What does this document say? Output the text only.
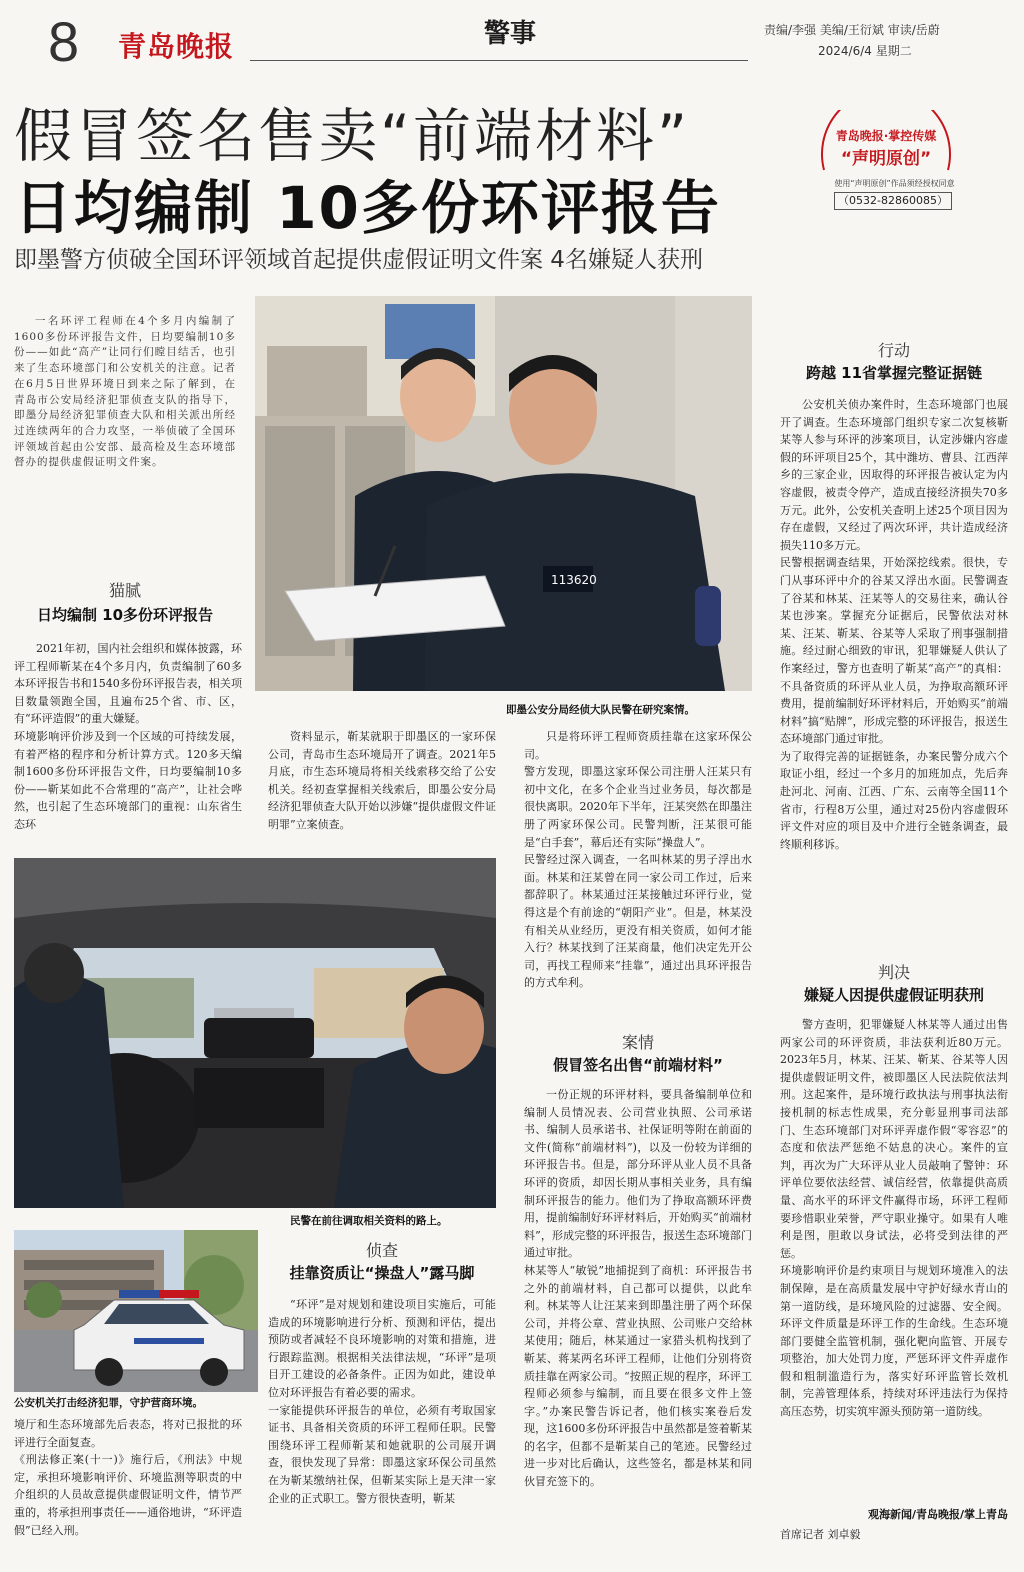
8 青岛晚报	警事	责编/李强 美编/王衍斌 审读/岳蔚
2024/6/4 星期二
假冒签名售卖“前端材料”
日均编制 10多份环评报告
即墨警方侦破全国环评领域首起提供虚假证明文件案 4名嫌疑人获刑
青岛晚报·掌控传媒
“声明原创”
使用“声明原创”作品须经授权同意
（0532-82860085）
一名环评工程师在4个多月内编制了1600多份环评报告文件，日均要编制10多份——如此“高产”让同行们瞠目结舌，也引来了生态环境部门和公安机关的注意。记者在6月5日世界环境日到来之际了解到，在青岛市公安局经济犯罪侦查支队的指导下，即墨分局经济犯罪侦查大队和相关派出所经过连续两年的合力攻坚，一举侦破了全国环评领域首起由公安部、最高检及生态环境部督办的提供虚假证明文件案。
猫腻
日均编制 10多份环评报告
2021年初，国内社会组织和媒体披露，环评工程师靳某在4个多月内，负责编制了60多本环评报告书和1540多份环评报告表，相关项目数量领跑全国，且遍布25个省、市、区，有“环评造假”的重大嫌疑。
环境影响评价涉及到一个区域的可持续发展，有着严格的程序和分析计算方式。120多天编制1600多份环评报告文件，日均要编制10多份——靳某如此不合常理的“高产”，让社会哗然，也引起了生态环境部门的重视：山东省生态环
113620
即墨公安分局经侦大队民警在研究案情。
资料显示，靳某就职于即墨区的一家环保公司，青岛市生态环境局开了调查。2021年5月底，市生态环境局将相关线索移交给了公安机关。经初查掌握相关线索后，即墨公安分局经济犯罪侦查大队开始以涉嫌“提供虚假文件证明罪”立案侦查。
只是将环评工程师资质挂靠在这家环保公司。
警方发现，即墨这家环保公司注册人汪某只有初中文化，在多个企业当过业务员，每次都是很快离职。2020年下半年，汪某突然在即墨注册了两家环保公司。民警判断，汪某很可能是“白手套”，幕后还有实际“操盘人”。
民警经过深入调查，一名叫林某的男子浮出水面。林某和汪某曾在同一家公司工作过，后来都辞职了。林某通过汪某接触过环评行业，觉得这是个有前途的“朝阳产业”。但是，林某没有相关从业经历，更没有相关资质，如何才能入行？林某找到了汪某商量，他们决定先开公司，再找工程师来“挂靠”，通过出具环评报告的方式牟利。
民警在前往调取相关资料的路上。
公安机关打击经济犯罪，守护营商环境。
境厅和生态环境部先后表态，将对已报批的环评进行全面复查。
《刑法修正案(十一)》施行后，《刑法》中规定，承担环境影响评价、环境监测等职责的中介组织的人员故意提供虚假证明文件，情节严重的，将承担刑事责任——通俗地讲，“环评造假”已经入刑。
侦查
挂靠资质让“操盘人”露马脚
“环评”是对规划和建设项目实施后，可能造成的环境影响进行分析、预测和评估，提出预防或者减轻不良环境影响的对策和措施，进行跟踪监测。根据相关法律法规，“环评”是项目开工建设的必备条件。正因为如此，建设单位对环评报告有着必要的需求。
一家能提供环评报告的单位，必须有考取国家证书、具备相关资质的环评工程师任职。民警围绕环评工程师靳某和她就职的公司展开调查，很快发现了异常：即墨这家环保公司虽然在为靳某缴纳社保，但靳某实际上是天津一家企业的正式职工。警方很快查明，靳某
案情
假冒签名出售“前端材料”
一份正规的环评材料，要具备编制单位和编制人员情况表、公司营业执照、公司承诺书、编制人员承诺书、社保证明等附在前面的文件(简称“前端材料”)，以及一份较为详细的环评报告书。但是，部分环评从业人员不具备环评的资质，却因长期从事相关业务，具有编制环评报告的能力。他们为了挣取高额环评费用，提前编制好环评材料后，开始购买“前端材料”，形成完整的环评报告，报送生态环境部门通过审批。
林某等人“敏锐”地捕捉到了商机：环评报告书之外的前端材料，自己都可以提供，以此牟利。林某等人让汪某来到即墨注册了两个环保公司，并将公章、营业执照、公司账户交给林某使用；随后，林某通过一家猎头机构找到了靳某、蒋某两名环评工程师，让他们分别将资质挂靠在两家公司。“按照正规的程序，环评工程师必须参与编制，而且要在很多文件上签字。”办案民警告诉记者，他们核实案卷后发现，这1600多份环评报告中虽然都是签着靳某的名字，但都不是靳某自己的笔迹。民警经过进一步对比后确认，这些签名，都是林某和同伙冒充签下的。
行动
跨越 11省掌握完整证据链
公安机关侦办案件时，生态环境部门也展开了调查。生态环境部门组织专家二次复核靳某等人参与环评的涉案项目，认定涉嫌内容虚假的环评项目25个，其中潍坊、曹县、江西萍乡的三家企业，因取得的环评报告被认定为内容虚假，被责令停产，造成直接经济损失70多万元。此外，公安机关查明上述25个项目因为存在虚假，又经过了两次环评，共计造成经济损失110多万元。
民警根据调查结果，开始深挖线索。很快，专门从事环评中介的谷某又浮出水面。民警调查了谷某和林某、汪某等人的交易往来，确认谷某也涉案。掌握充分证据后，民警依法对林某、汪某、靳某、谷某等人采取了刑事强制措施。经过耐心细致的审讯，犯罪嫌疑人供认了作案经过，警方也查明了靳某“高产”的真相：不具备资质的环评从业人员，为挣取高额环评费用，提前编制好环评材料后，开始购买“前端材料”搞“贴牌”，形成完整的环评报告，报送生态环境部门通过审批。
为了取得完善的证据链条，办案民警分成六个取证小组，经过一个多月的加班加点，先后奔赴河北、河南、江西、广东、云南等全国11个省市，行程8万公里，通过对25份内容虚假环评文件对应的项目及中介进行全链条调查，最终顺利移诉。
判决
嫌疑人因提供虚假证明获刑
警方查明，犯罪嫌疑人林某等人通过出售两家公司的环评资质，非法获利近80万元。2023年5月，林某、汪某、靳某、谷某等人因提供虚假证明文件，被即墨区人民法院依法判刑。这起案件，是环境行政执法与刑事执法衔接机制的标志性成果，充分彰显刑事司法部门、生态环境部门对环评弄虚作假“零容忍”的态度和依法严惩绝不姑息的决心。案件的宣判，再次为广大环评从业人员敲响了警钟：环评单位要依法经营、诚信经营，依靠提供高质量、高水平的环评文件赢得市场，环评工程师要珍惜职业荣誉，严守职业操守。如果有人唯利是图，胆敢以身试法，必将受到法律的严惩。
环境影响评价是约束项目与规划环境准入的法制保障，是在高质量发展中守护好绿水青山的第一道防线，是环境风险的过滤器、安全阀。环评文件质量是环评工作的生命线。生态环境部门要健全监管机制，强化靶向监管、开展专项整治，加大处罚力度，严惩环评文件弄虚作假和粗制滥造行为，落实好环评监管长效机制，完善管理体系，持续对环评违法行为保持高压态势，切实筑牢源头预防第一道防线。
观海新闻/青岛晚报/掌上青岛
首席记者 刘卓毅
